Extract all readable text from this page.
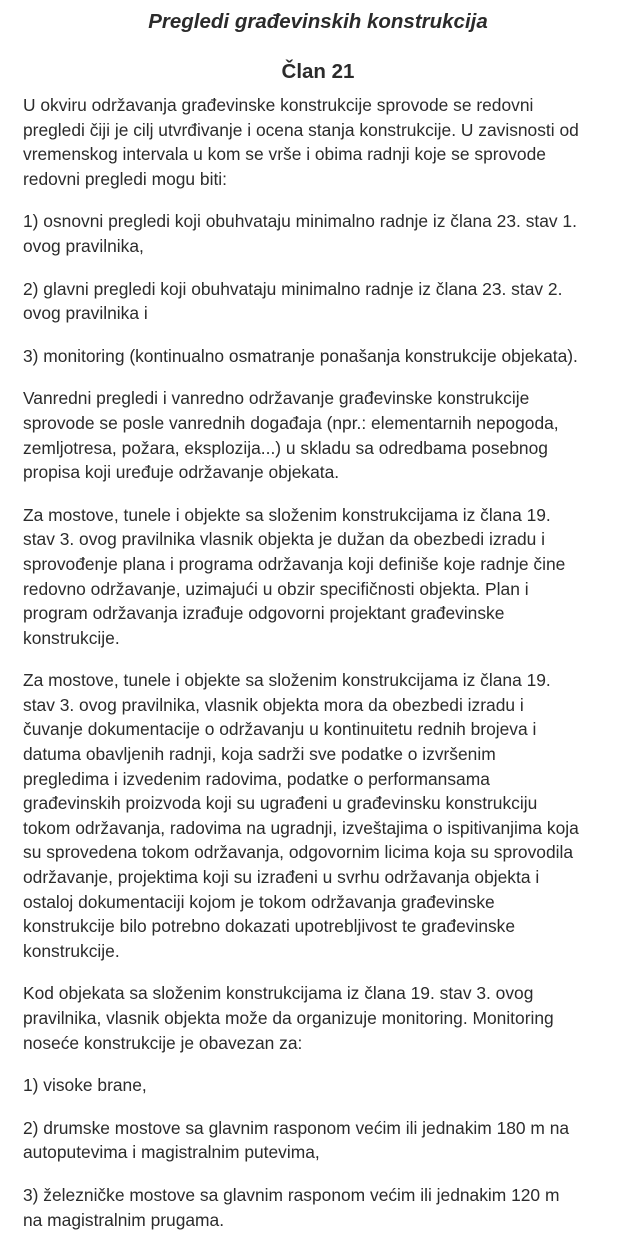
Pregledi građevinskih konstrukcija
Član 21

U okviru održavanja građevinske konstrukcije sprovode se redovni
pregledi čiji je cilj utvrđivanje i ocena stanja konstrukcije. U zavisnosti od
vremenskog intervala u kom se vrše i obima radnji koje se sprovode
redovni pregledi mogu biti:

1) osnovni pregledi koji obuhvataju minimalno radnje iz člana 23. stav 1.
ovog pravilnika,

2) glavni pregledi koji obuhvataju minimalno radnje iz člana 23. stav 2.
ovog pravilnika i

3) monitoring (kontinualno osmatranje ponašanja konstrukcije objekata).

Vanredni pregledi i vanredno održavanje građevinske konstrukcije
sprovode se posle vanrednih događaja (npr.: elementarnih nepogoda,
zemljotresa, požara, eksplozija...) u skladu sa odredbama posebnog
propisa koji uređuje održavanje objekata.

Za mostove, tunele i objekte sa složenim konstrukcijama iz člana 19.
stav 3. ovog pravilnika vlasnik objekta je dužan da obezbedi izradu i
sprovođenje plana i programa održavanja koji definiše koje radnje čine
redovno održavanje, uzimajući u obzir specifičnosti objekta. Plan i
program održavanja izrađuje odgovorni projektant građevinske
konstrukcije.

Za mostove, tunele i objekte sa složenim konstrukcijama iz člana 19.
stav 3. ovog pravilnika, vlasnik objekta mora da obezbedi izradu i
čuvanje dokumentacije o održavanju u kontinuitetu rednih brojeva i
datuma obavljenih radnji, koja sadrži sve podatke o izvršenim
pregledima i izvedenim radovima, podatke o performansama
građevinskih proizvoda koji su ugrađeni u građevinsku konstrukciju
tokom održavanja, radovima na ugradnji, izveštajima o ispitivanjima koja
su sprovedena tokom održavanja, odgovornim licima koja su sprovodila
održavanje, projektima koji su izrađeni u svrhu održavanja objekta i
ostaloj dokumentaciji kojom je tokom održavanja građevinske
konstrukcije bilo potrebno dokazati upotrebljivost te građevinske
konstrukcije.

Kod objekata sa složenim konstrukcijama iz člana 19. stav 3. ovog
pravilnika, vlasnik objekta može da organizuje monitoring. Monitoring
noseće konstrukcije je obavezan za:

1) visoke brane,

2) drumske mostove sa glavnim rasponom većim ili jednakim 180 m na
autoputevima i magistralnim putevima,

3) železničke mostove sa glavnim rasponom većim ili jednakim 120 m
na magistralnim prugama.
